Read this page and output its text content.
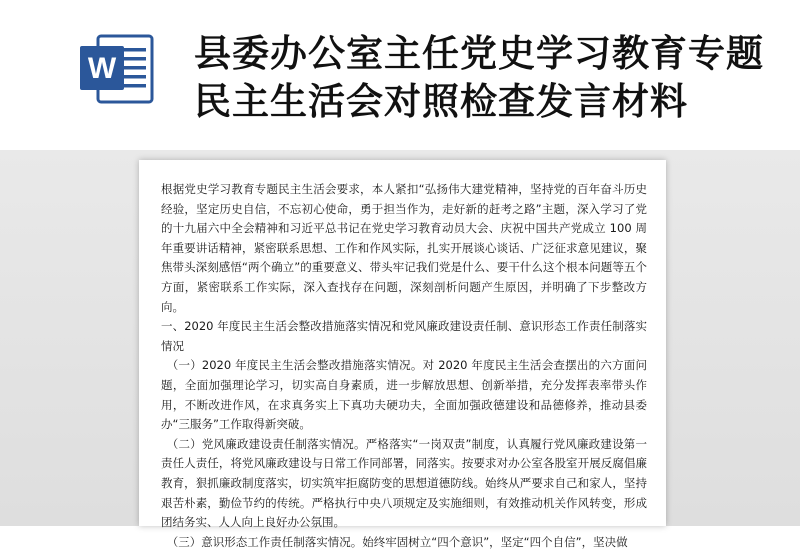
W 县委办公室主任党史学习教育专题民主生活会对照检查发言材料

根据党史学习教育专题民主生活会要求，本人紧扣“弘扬伟大建党精神，坚持党的百年奋斗历史经验，坚定历史自信，不忘初心使命，勇于担当作为，走好新的赶考之路”主题，深入学习了党的十九届六中全会精神和习近平总书记在党史学习教育动员大会、庆祝中国共产党成立 100 周年重要讲话精神，紧密联系思想、工作和作风实际，扎实开展谈心谈话、广泛征求意见建议，聚焦带头深刻感悟“两个确立”的重要意义、带头牢记我们党是什么、要干什么这个根本问题等五个方面，紧密联系工作实际，深入查找存在问题，深刻剖析问题产生原因，并明确了下步整改方向。

一、2020 年度民主生活会整改措施落实情况和党风廉政建设责任制、意识形态工作责任制落实情况

（一）2020 年度民主生活会整改措施落实情况。对 2020 年度民主生活会查摆出的六方面问题，全面加强理论学习，切实高自身素质，进一步解放思想、创新举措，充分发挥表率带头作用，不断改进作风，在求真务实上下真功夫硬功夫，全面加强政德建设和品德修养，推动县委办“三服务”工作取得新突破。

（二）党风廉政建设责任制落实情况。严格落实“一岗双责”制度，认真履行党风廉政建设第一责任人责任，将党风廉政建设与日常工作同部署，同落实。按要求对办公室各股室开展反腐倡廉教育，狠抓廉政制度落实，切实筑牢拒腐防变的思想道德防线。始终从严要求自己和家人，坚持艰苦朴素，勤俭节约的传统。严格执行中央八项规定及实施细则，有效推动机关作风转变，形成团结务实、人人向上良好办公氛围。

（三）意识形态工作责任制落实情况。始终牢固树立“四个意识”，坚定“四个自信”，坚决做
